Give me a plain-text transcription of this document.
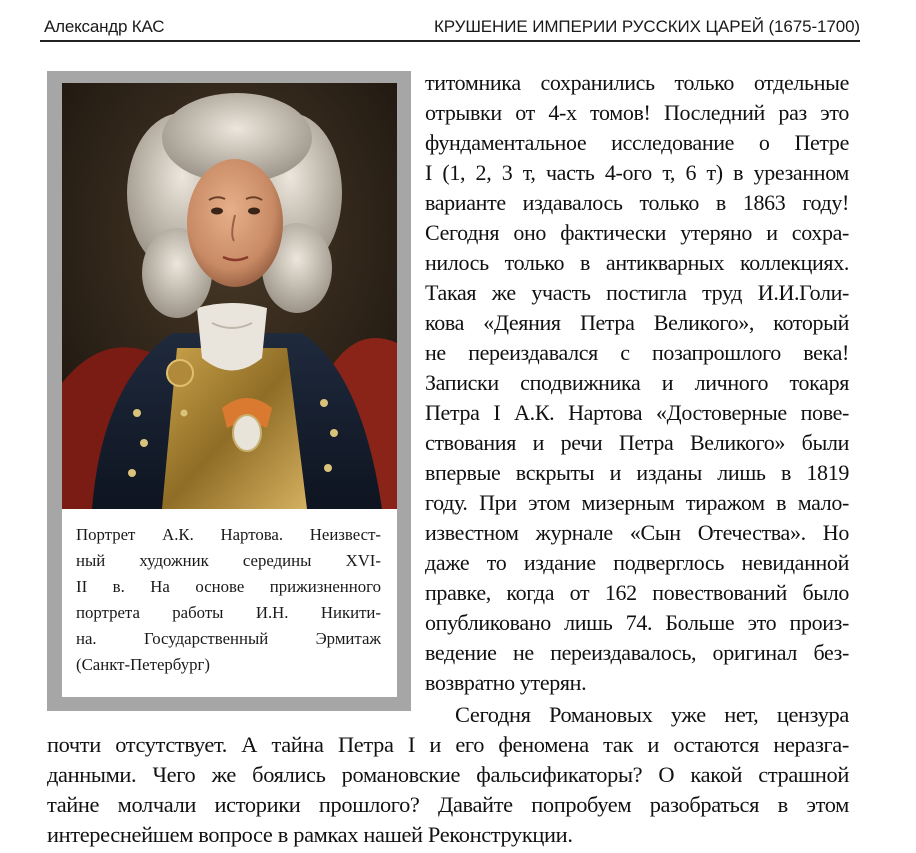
Александр КАС	КРУШЕНИЕ ИМПЕРИИ РУССКИХ ЦАРЕЙ (1675-1700)
Портрет А.К. Нартова. Неизвест-
ный художник середины XVI-
II в. На основе прижизненного
портрета работы И.Н. Никити-
на. Государственный Эрмитаж
(Санкт-Петербург)
титомника сохранились только отдельные
отрывки от 4-х томов! Последний раз это
фундаментальное исследование о Петре
I (1, 2, 3 т, часть 4-ого т, 6 т) в урезанном
варианте издавалось только в 1863 году!
Сегодня оно фактически утеряно и сохра-
нилось только в антикварных коллекциях.
Такая же участь постигла труд И.И.Голи-
кова «Деяния Петра Великого», который
не переиздавался с позапрошлого века!
Записки сподвижника и личного токаря
Петра I А.К. Нартова «Достоверные пове-
ствования и речи Петра Великого» были
впервые вскрыты и изданы лишь в 1819
году. При этом мизерным тиражом в мало-
известном журнале «Сын Отечества». Но
даже то издание подверглось невиданной
правке, когда от 162 повествований было
опубликовано лишь 74. Больше это произ-
ведение не переиздавалось, оригинал без-
возвратно утерян.
Сегодня Романовых уже нет, цензура
почти отсутствует. А тайна Петра I и его феномена так и остаются неразга-
данными. Чего же боялись романовские фальсификаторы? О какой страшной
тайне молчали историки прошлого? Давайте попробуем разобраться в этом
интереснейшем вопросе в рамках нашей Реконструкции.
